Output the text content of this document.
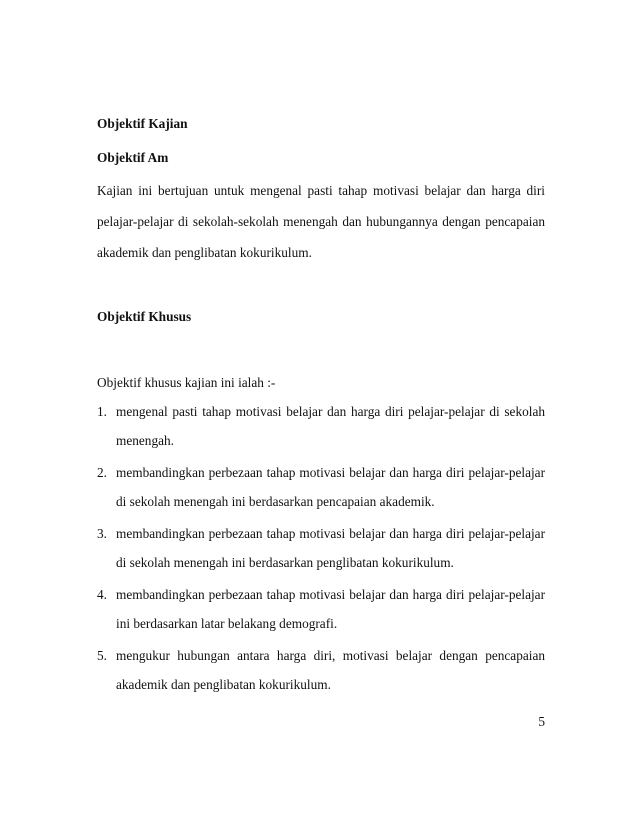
Objektif Kajian

Objektif Am

Kajian ini bertujuan untuk mengenal pasti tahap motivasi belajar dan harga diri pelajar-pelajar di sekolah-sekolah menengah dan hubungannya dengan pencapaian akademik dan penglibatan kokurikulum.

Objektif Khusus

Objektif khusus kajian ini ialah :-

1. mengenal pasti tahap motivasi belajar dan harga diri pelajar-pelajar di sekolah menengah.
2. membandingkan perbezaan tahap motivasi belajar dan harga diri pelajar-pelajar di sekolah menengah ini berdasarkan pencapaian akademik.
3. membandingkan perbezaan tahap motivasi belajar dan harga diri pelajar-pelajar di sekolah menengah ini berdasarkan penglibatan kokurikulum.
4. membandingkan perbezaan tahap motivasi belajar dan harga diri pelajar-pelajar ini berdasarkan latar belakang demografi.
5. mengukur hubungan antara harga diri, motivasi belajar dengan pencapaian akademik dan penglibatan kokurikulum.
5
